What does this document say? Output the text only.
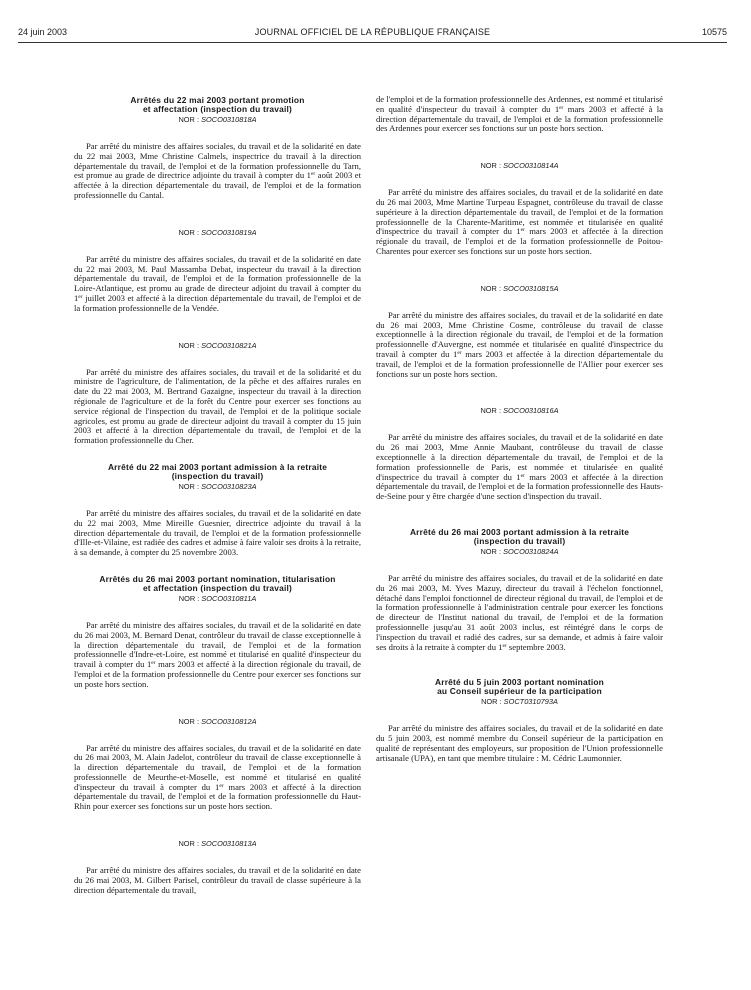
24 juin 2003	JOURNAL OFFICIEL DE LA RÉPUBLIQUE FRANÇAISE	10575
Arrêtés du 22 mai 2003 portant promotion
et affectation (inspection du travail)
NOR : SOCO0310818A

Par arrêté du ministre des affaires sociales, du travail et de la solidarité en date du 22 mai 2003, Mme Christine Calmels, inspectrice du travail à la direction départementale du travail, de l'emploi et de la formation professionnelle du Tarn, est promue au grade de directrice adjointe du travail à compter du 1er août 2003 et affectée à la direction départementale du travail, de l'emploi et de la formation professionnelle du Cantal.

NOR : SOCO0310819A

Par arrêté du ministre des affaires sociales, du travail et de la solidarité en date du 22 mai 2003, M. Paul Massamba Debat, inspecteur du travail à la direction départementale du travail, de l'emploi et de la formation professionnelle de la Loire-Atlantique, est promu au grade de directeur adjoint du travail à compter du 1er juillet 2003 et affecté à la direction départementale du travail, de l'emploi et de la formation professionnelle de la Vendée.

NOR : SOCO0310821A

Par arrêté du ministre des affaires sociales, du travail et de la solidarité et du ministre de l'agriculture, de l'alimentation, de la pêche et des affaires rurales en date du 22 mai 2003, M. Bertrand Gazaigne, inspecteur du travail à la direction régionale de l'agriculture et de la forêt du Centre pour exercer ses fonctions au service régional de l'inspection du travail, de l'emploi et de la politique sociale agricoles, est promu au grade de directeur adjoint du travail à compter du 15 juin 2003 et affecté à la direction départementale du travail, de l'emploi et de la formation professionnelle du Cher.

Arrêté du 22 mai 2003 portant admission à la retraite
(inspection du travail)
NOR : SOCO0310823A

Par arrêté du ministre des affaires sociales, du travail et de la solidarité en date du 22 mai 2003, Mme Mireille Guesnier, directrice adjointe du travail à la direction départementale du travail, de l'emploi et de la formation professionnelle d'Ille-et-Vilaine, est radiée des cadres et admise à faire valoir ses droits à la retraite, à sa demande, à compter du 25 novembre 2003.

Arrêtés du 26 mai 2003 portant nomination, titularisation
et affectation (inspection du travail)
NOR : SOCO0310811A

Par arrêté du ministre des affaires sociales, du travail et de la solidarité en date du 26 mai 2003, M. Bernard Denat, contrôleur du travail de classe exceptionnelle à la direction départementale du travail, de l'emploi et de la formation professionnelle d'Indre-et-Loire, est nommé et titularisé en qualité d'inspecteur du travail à compter du 1er mars 2003 et affecté à la direction régionale du travail, de l'emploi et de la formation professionnelle du Centre pour exercer ses fonctions sur un poste hors section.

NOR : SOCO0310812A

Par arrêté du ministre des affaires sociales, du travail et de la solidarité en date du 26 mai 2003, M. Alain Jadelot, contrôleur du travail de classe exceptionnelle à la direction départementale du travail, de l'emploi et de la formation professionnelle de Meurthe-et-Moselle, est nommé et titularisé en qualité d'inspecteur du travail à compter du 1er mars 2003 et affecté à la direction départementale du travail, de l'emploi et de la formation professionnelle du Haut-Rhin pour exercer ses fonctions sur un poste hors section.

NOR : SOCO0310813A

Par arrêté du ministre des affaires sociales, du travail et de la solidarité en date du 26 mai 2003, M. Gilbert Parisel, contrôleur du travail de classe supérieure à la direction départementale du travail,

de l'emploi et de la formation professionnelle des Ardennes, est nommé et titularisé en qualité d'inspecteur du travail à compter du 1er mars 2003 et affecté à la direction départementale du travail, de l'emploi et de la formation professionnelle des Ardennes pour exercer ses fonctions sur un poste hors section.

NOR : SOCO0310814A

Par arrêté du ministre des affaires sociales, du travail et de la solidarité en date du 26 mai 2003, Mme Martine Turpeau Espagnet, contrôleuse du travail de classe supérieure à la direction départementale du travail, de l'emploi et de la formation professionnelle de la Charente-Maritime, est nommée et titularisée en qualité d'inspectrice du travail à compter du 1er mars 2003 et affectée à la direction régionale du travail, de l'emploi et de la formation professionnelle de Poitou-Charentes pour exercer ses fonctions sur un poste hors section.

NOR : SOCO0310815A

Par arrêté du ministre des affaires sociales, du travail et de la solidarité en date du 26 mai 2003, Mme Christine Cosme, contrôleuse du travail de classe exceptionnelle à la direction régionale du travail, de l'emploi et de la formation professionnelle d'Auvergne, est nommée et titularisée en qualité d'inspectrice du travail à compter du 1er mars 2003 et affectée à la direction départementale du travail, de l'emploi et de la formation professionnelle de l'Allier pour exercer ses fonctions sur un poste hors section.

NOR : SOCO0310816A

Par arrêté du ministre des affaires sociales, du travail et de la solidarité en date du 26 mai 2003, Mme Annie Maubant, contrôleuse du travail de classe exceptionnelle à la direction départementale du travail, de l'emploi et de la formation professionnelle de Paris, est nommée et titularisée en qualité d'inspectrice du travail à compter du 1er mars 2003 et affectée à la direction départementale du travail, de l'emploi et de la formation professionnelle des Hauts-de-Seine pour y être chargée d'une section d'inspection du travail.

Arrêté du 26 mai 2003 portant admission à la retraite
(inspection du travail)
NOR : SOCO0310824A

Par arrêté du ministre des affaires sociales, du travail et de la solidarité en date du 26 mai 2003, M. Yves Mazuy, directeur du travail à l'échelon fonctionnel, détaché dans l'emploi fonctionnel de directeur régional du travail, de l'emploi et de la formation professionnelle à l'administration centrale pour exercer les fonctions de directeur de l'Institut national du travail, de l'emploi et de la formation professionnelle jusqu'au 31 août 2003 inclus, est réintégré dans le corps de l'inspection du travail et radié des cadres, sur sa demande, et admis à faire valoir ses droits à la retraite à compter du 1er septembre 2003.

Arrêté du 5 juin 2003 portant nomination
au Conseil supérieur de la participation
NOR : SOCT0310793A

Par arrêté du ministre des affaires sociales, du travail et de la solidarité en date du 5 juin 2003, est nommé membre du Conseil supérieur de la participation en qualité de représentant des employeurs, sur proposition de l'Union professionnelle artisanale (UPA), en tant que membre titulaire : M. Cédric Laumonnier.
